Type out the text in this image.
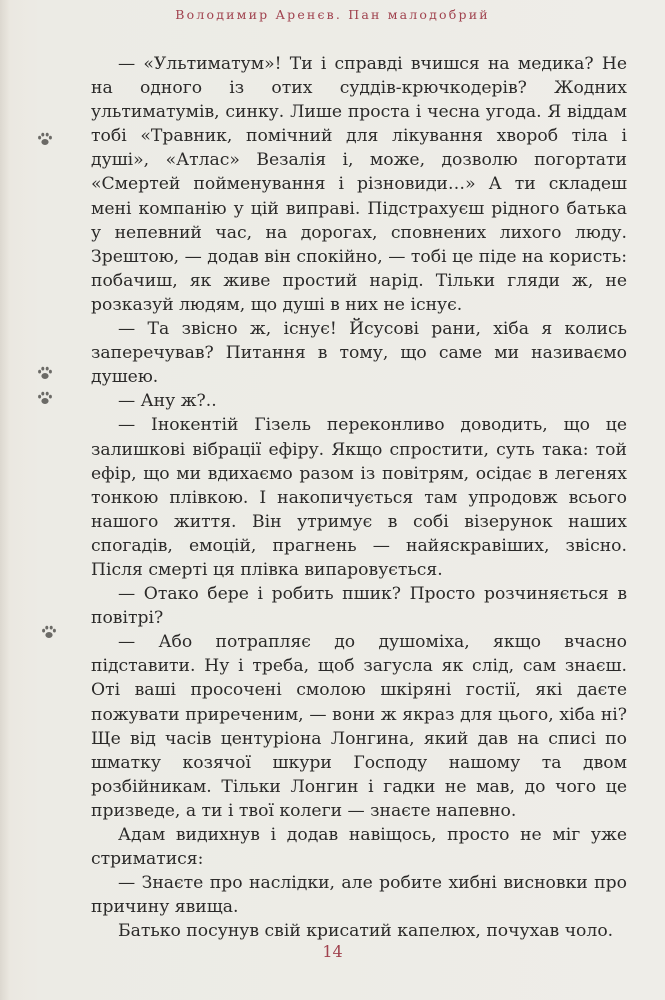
Володимир Аренєв. Пан малодобрий

— «Ультиматум»! Ти і справді вчишся на медика? Не на одного із отих суддів-крючкодерів? Жодних ультиматумів, синку. Лише проста і чесна угода. Я віддам тобі «Травник, помічний для лікування хвороб тіла і душі», «Атлас» Везалія і, може, дозволю погортати «Смертей пойменування і різновиди…» А ти складеш мені компанію у цій виправі. Підстрахуєш рідного батька у непевний час, на дорогах, сповнених лихого люду. Зрештою, — додав він спокійно, — тобі це піде на користь: побачиш, як живе простий нарід. Тільки гляди ж, не розказуй людям, що душі в них не існує.

— Та звісно ж, існує! Йсусові рани, хіба я колись заперечував? Питання в тому, що саме ми називаємо душею.

— Ану ж?..

— Інокентій Гізель переконливо доводить, що це залишкові вібрації ефіру. Якщо спростити, суть така: той ефір, що ми вдихаємо разом із повітрям, осідає в легенях тонкою плівкою. І накопичується там упродовж всього нашого життя. Він утримує в собі візерунок наших спогадів, емоцій, прагнень — найяскравіших, звісно. Після смерті ця плівка випаровується.

— Отако бере і робить пшик? Просто розчиняється в повітрі?

— Або потрапляє до душоміха, якщо вчасно підставити. Ну і треба, щоб загусла як слід, сам знаєш. Оті ваші просочені смолою шкіряні гостії, які даєте пожувати приреченим, — вони ж якраз для цього, хіба ні? Ще від часів центуріона Лонгина, який дав на списі по шматку козячої шкури Господу нашому та двом розбійникам. Тільки Лонгин і гадки не мав, до чого це призведе, а ти і твої колеги — знаєте напевно.

Адам видихнув і додав навіщось, просто не міг уже стриматися:

— Знаєте про наслідки, але робите хибні висновки про причину явища.

Батько посунув свій крисатий капелюх, почухав чоло.

14
